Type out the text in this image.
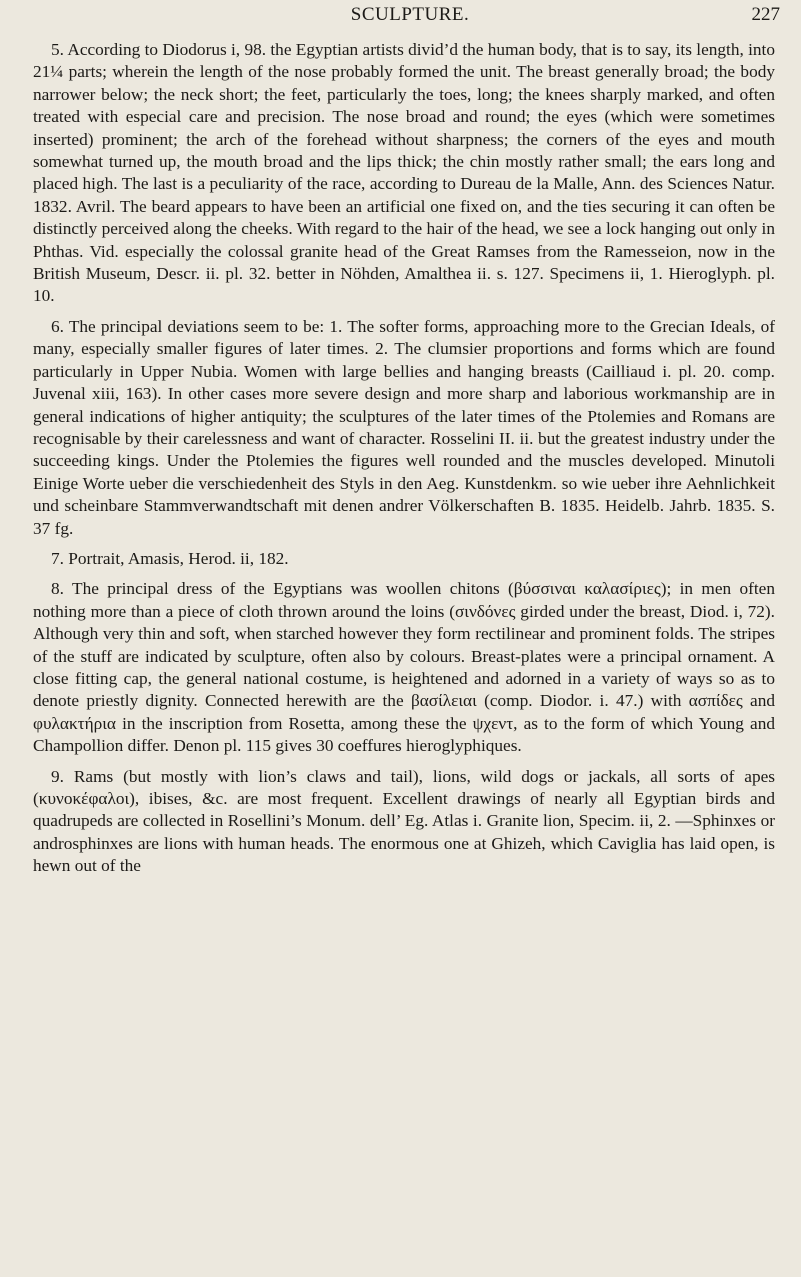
SCULPTURE.	227

5. According to Diodorus i, 98. the Egyptian artists divid’d the human body, that is to say, its length, into 21¼ parts; wherein the length of the nose probably formed the unit. The breast generally broad; the body narrower below; the neck short; the feet, particularly the toes, long; the knees sharply marked, and often treated with especial care and precision. The nose broad and round; the eyes (which were sometimes inserted) prominent; the arch of the forehead without sharpness; the corners of the eyes and mouth somewhat turned up, the mouth broad and the lips thick; the chin mostly rather small; the ears long and placed high. The last is a peculiarity of the race, according to Dureau de la Malle, Ann. des Sciences Natur. 1832. Avril. The beard appears to have been an artificial one fixed on, and the ties securing it can often be distinctly perceived along the cheeks. With regard to the hair of the head, we see a lock hanging out only in Phthas. Vid. especially the colossal granite head of the Great Ramses from the Ramesseion, now in the British Museum, Descr. ii. pl. 32. better in Nöhden, Amalthea ii. s. 127. Specimens ii, 1. Hieroglyph. pl. 10.

6. The principal deviations seem to be: 1. The softer forms, approaching more to the Grecian Ideals, of many, especially smaller figures of later times. 2. The clumsier proportions and forms which are found particularly in Upper Nubia. Women with large bellies and hanging breasts (Cailliaud i. pl. 20. comp. Juvenal xiii, 163). In other cases more severe design and more sharp and laborious workmanship are in general indications of higher antiquity; the sculptures of the later times of the Ptolemies and Romans are recognisable by their carelessness and want of character. Rosselini II. ii. but the greatest industry under the succeeding kings. Under the Ptolemies the figures well rounded and the muscles developed. Minutoli Einige Worte ueber die verschiedenheit des Styls in den Aeg. Kunstdenkm. so wie ueber ihre Aehnlichkeit und scheinbare Stammverwandtschaft mit denen andrer Völkerschaften B. 1835. Heidelb. Jahrb. 1835. S. 37 fg.

7. Portrait, Amasis, Herod. ii, 182.

8. The principal dress of the Egyptians was woollen chitons (βύσσιναι καλασίριες); in men often nothing more than a piece of cloth thrown around the loins (σινδόνες girded under the breast, Diod. i, 72). Although very thin and soft, when starched however they form rectilinear and prominent folds. The stripes of the stuff are indicated by sculpture, often also by colours. Breast-plates were a principal ornament. A close fitting cap, the general national costume, is heightened and adorned in a variety of ways so as to denote priestly dignity. Connected herewith are the βασίλειαι (comp. Diodor. i. 47.) with ασπίδες and φυλακτήρια in the inscription from Rosetta, among these the ψχεντ, as to the form of which Young and Champollion differ. Denon pl. 115 gives 30 coeffures hieroglyphiques.

9. Rams (but mostly with lion’s claws and tail), lions, wild dogs or jackals, all sorts of apes (κυνοκέφαλοι), ibises, &c. are most frequent. Excellent drawings of nearly all Egyptian birds and quadrupeds are collected in Rosellini’s Monum. dell’ Eg. Atlas i. Granite lion, Specim. ii, 2. —Sphinxes or androsphinxes are lions with human heads. The enormous one at Ghizeh, which Caviglia has laid open, is hewn out of the
